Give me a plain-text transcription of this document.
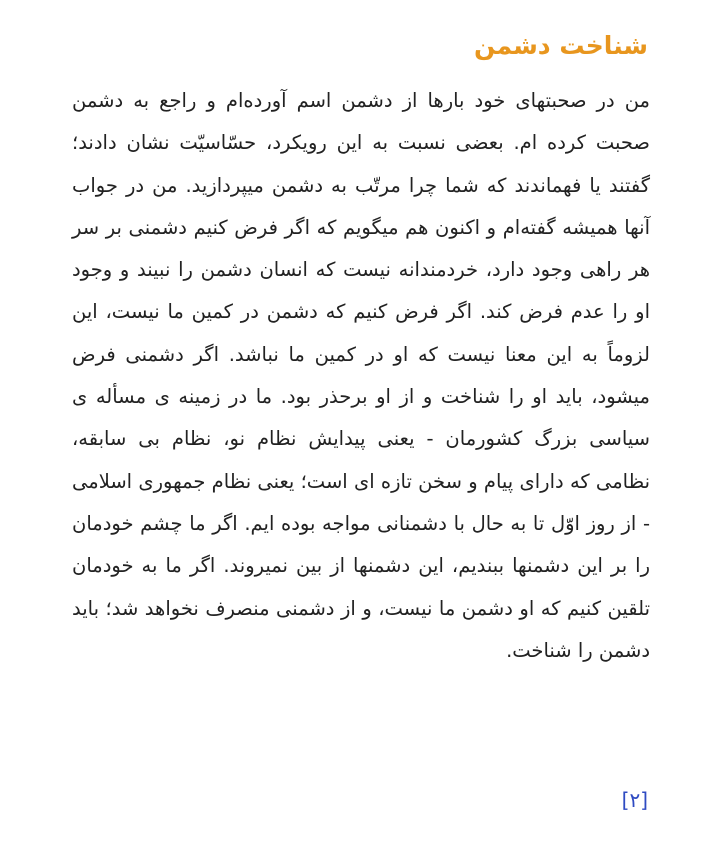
شناخت دشمن

من در صحبتهای خود بارها از دشمن اسم آورده‌ام و راجع به دشمن صحبت کرده ام. بعضی نسبت به این رویکرد، حسّاسیّت نشان دادند؛ گفتند یا فهماندند که شما چرا مرتّب به دشمن میپردازید. من در جواب آنها همیشه گفته‌ام و اکنون هم میگویم که اگر فرض کنیم دشمنی بر سر هر راهی وجود دارد، خردمندانه نیست که انسان دشمن را نبیند و وجود او را عدم فرض کند. اگر فرض کنیم که دشمن در کمین ما نیست، این لزوماً به این معنا نیست که او در کمین ما نباشد. اگر دشمنی فرض میشود، باید او را شناخت و از او برحذر بود. ما در زمینه ی مسأله ی سیاسی بزرگ کشورمان - یعنی پیدایش نظام نو، نظام بی سابقه، نظامی که دارای پیام و سخن تازه ای است؛ یعنی نظام جمهوری اسلامی - از روز اوّل تا به حال با دشمنانی مواجه بوده ایم. اگر ما چشم خودمان را بر این دشمنها ببندیم، این دشمنها از بین نمیروند. اگر ما به خودمان تلقین کنیم که او دشمن ما نیست، و از دشمنی منصرف نخواهد شد؛ باید دشمن را شناخت.

[۲]
